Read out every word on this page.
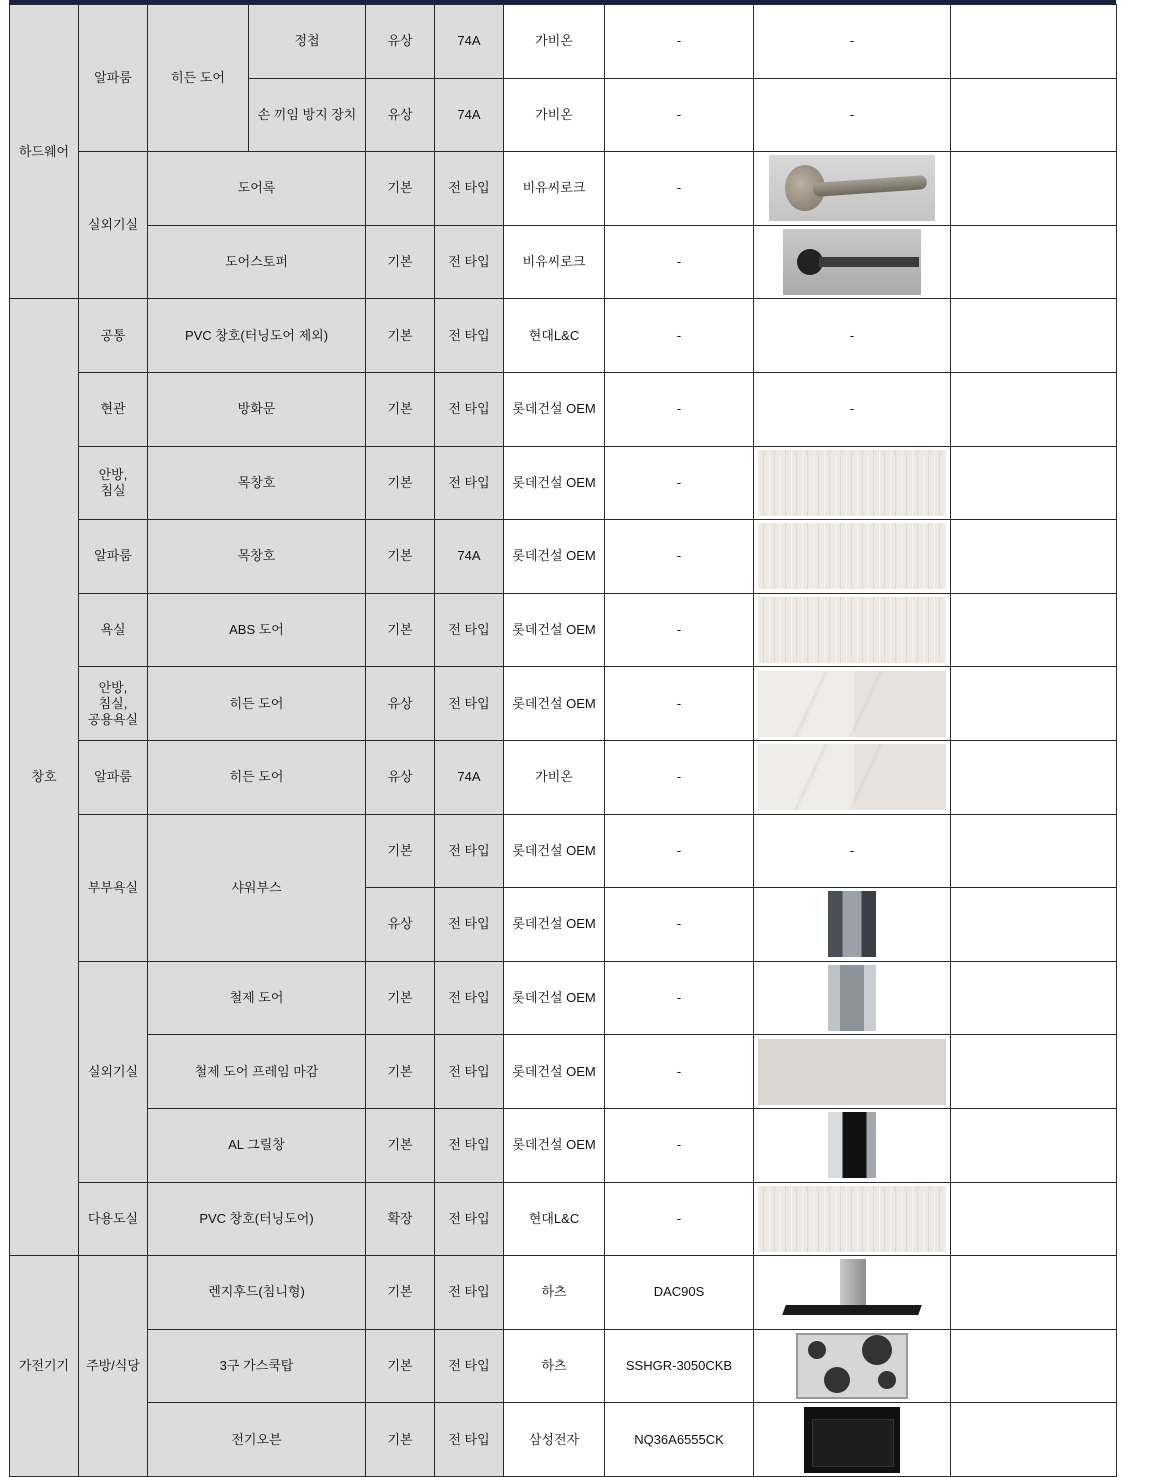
하드웨어	알파룸	히든 도어	정첩	유상	74A	가비온	-	-	
			손 끼임 방지 장치	유상	74A	가비온	-	-	
	실외기실	도어록		기본	전 타입	비유씨로크	-	

		도어스토퍼		기본	전 타입	비유씨로크	-	

창호	공통	PVC 창호(터닝도어 제외)		기본	전 타입	현대L&C	-	-	
	현관	방화문		기본	전 타입	롯데건설 OEM	-	-	
	안방,
침실	목창호		기본	전 타입	롯데건설 OEM	-	

	알파룸	목창호		기본	74A	롯데건설 OEM	-	

	욕실	ABS 도어		기본	전 타입	롯데건설 OEM	-	

	안방,
침실,
공용욕실	히든 도어		유상	전 타입	롯데건설 OEM	-	

	알파룸	히든 도어		유상	74A	가비온	-	

	부부욕실	샤워부스		기본	전 타입	롯데건설 OEM	-	-	
				유상	전 타입	롯데건설 OEM	-	

	실외기실	철제 도어		기본	전 타입	롯데건설 OEM	-	

		철제 도어 프레임 마감		기본	전 타입	롯데건설 OEM	-	

		AL 그릴창		기본	전 타입	롯데건설 OEM	-	

	다용도실	PVC 창호(터닝도어)		확장	전 타입	현대L&C	-	

가전기기	주방/식당	렌지후드(침니형)		기본	전 타입	하츠	DAC90S	

		3구 가스쿡탑		기본	전 타입	하츠	SSHGR-3050CKB	

		전기오븐		기본	전 타입	삼성전자	NQ36A6555CK	
